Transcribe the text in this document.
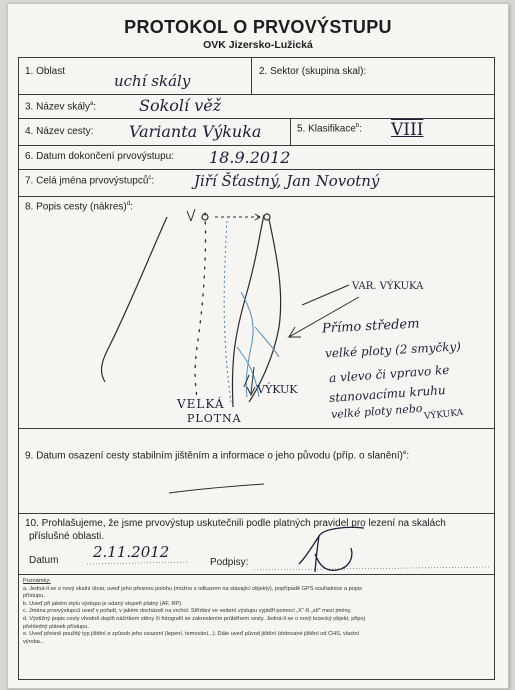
PROTOKOL O PRVOVÝSTUPU
OVK Jizersko-Lužická
1. Oblast
uchí skály
2. Sektor (skupina skal):
3. Název skály$^a$:	Sokolí věž
4. Název cesty: Varianta Výkuka	5. Klasifikace$^b$: VIII
6. Datum dokončení prvovýstupu: 18.9.2012
7. Celá jména prvovýstupců$^c$:	Jiří Šťastný, Jan Novotný
8. Popis cesty (nákres)$^d$:
VAR. VÝKUKA
Přímo středem
velké ploty (2 smyčky)
a vlevo či vpravo ke
stanovacímu kruhu
velké ploty nebo VÝKUKA
VÝKUK
VELKÁ
PLOTNA
9. Datum osazení cesty stabilním jištěním a informace o jeho původu (příp. o slanění)$^e$:
10. Prohlašujeme, že jsme prvovýstup uskutečnili podle platných pravidel pro lezení na skalách
příslušné oblasti.
Datum 2.11.2012
Podpisy:
Poznámky:
a. Jedná-li se o nový skalní útvar, uveď jeho přesnou polohu (možno s odkazem na stávající objekty), popřípadě GPS souřadnice a popis
přístupu.
b. Uveď při jakém stylu výstupu je udaný stupeň platný (AF, RP).
c. Jména prvovýstupců uveď v pořadí, v jakém docházeli na vrchol. Střídání ve vedení výstupu vyjádři pomocí „X“ či „st/“ mezi jmény.
d. Výstižný popis cesty vhodně doplň náčrtkem stěny či fotografií se zakreslením průběhem cesty. Jedná-li se o nový lezecký objekt, připoj
přehledný plánek přístupu.
e. Uveď přesně použitý typ jištění a způsob jeho osazení (lepení, temování...). Dále uveď původ jištění (dotované jištění od ČHS, vlastní
výroba...
